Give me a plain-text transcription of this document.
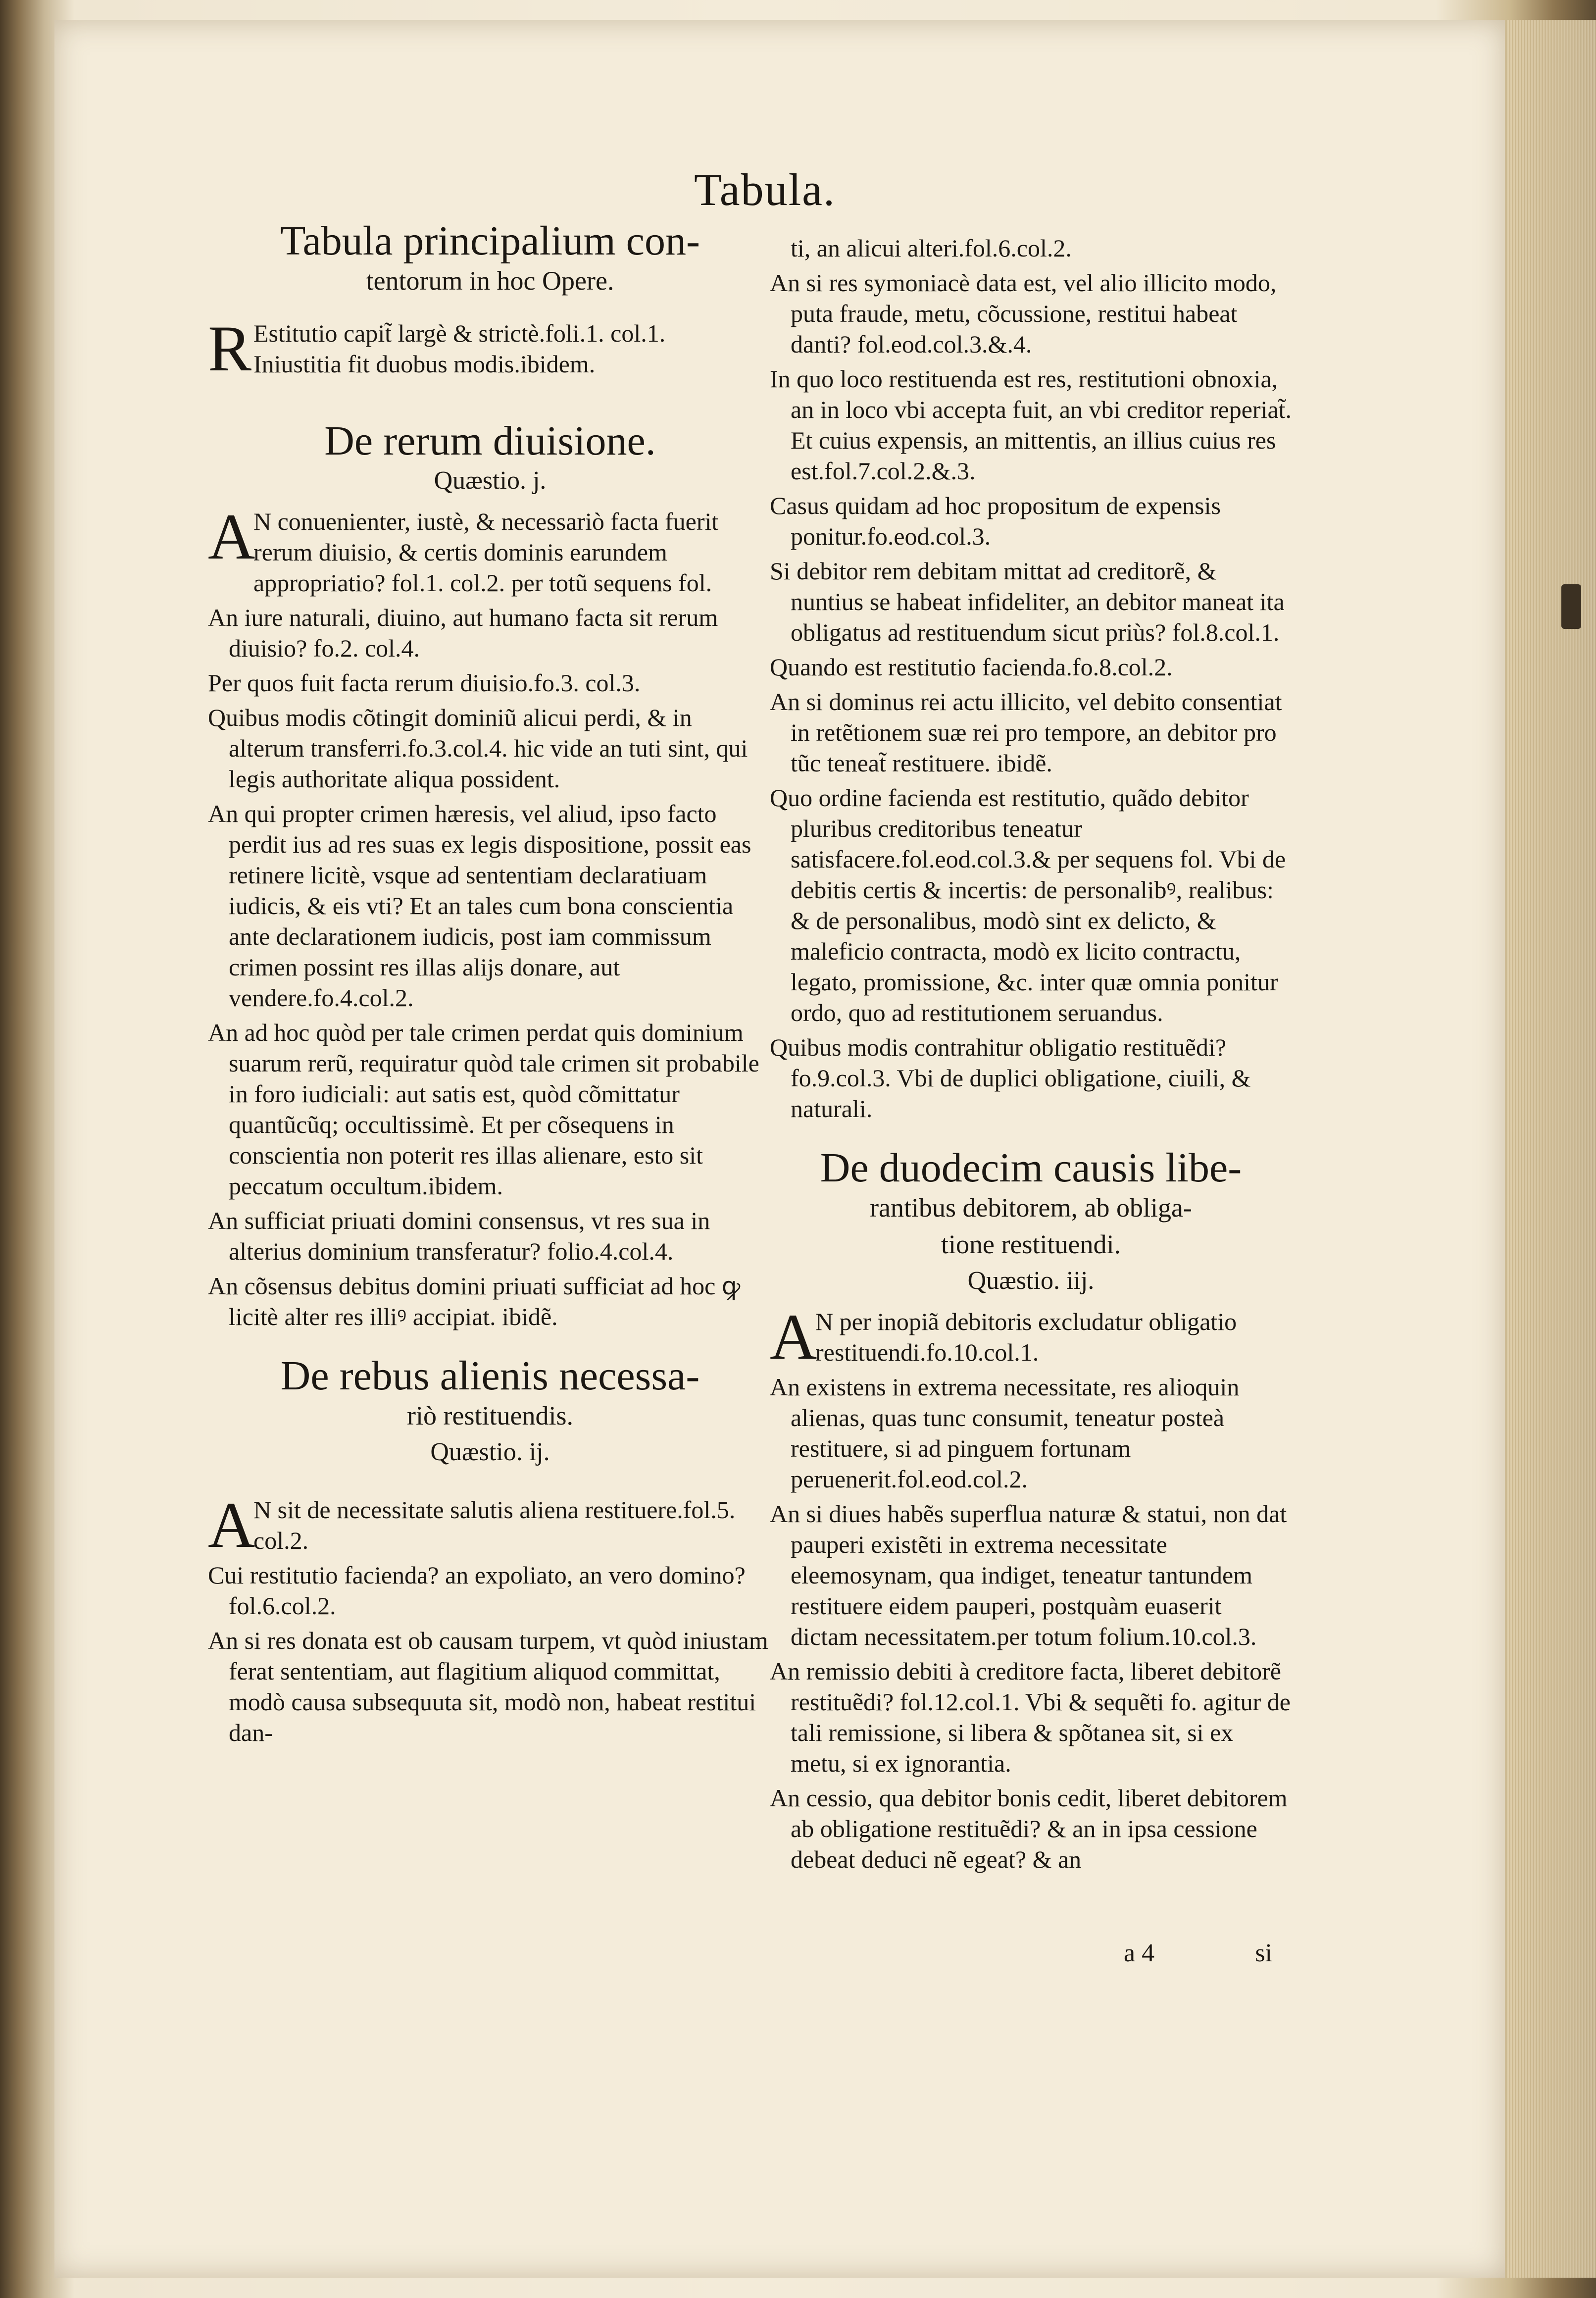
Tabula.

Tabula principalium con-

tentorum in hoc Opere.

R Estitutio capit̃ largè & strictè.foli.1. col.1.
Iniustitia fit duobus modis.ibidem.

De rerum diuisione.

Quæstio. j.

A
N conuenienter, iustè, & necessariò facta fuerit rerum diuisio, & certis dominis earundem appropriatio? fol.1. col.2. per totũ sequens fol.

An iure naturali, diuino, aut humano facta sit rerum diuisio? fo.2. col.4.

Per quos fuit facta rerum diuisio.fo.3. col.3.

Quibus modis cõtingit dominiũ alicui perdi, & in alterum transferri.fo.3.col.4. hic vide an tuti sint, qui legis authoritate aliqua possident.

An qui propter crimen hæresis, vel aliud, ipso facto perdit ius ad res suas ex legis dispositione, possit eas retinere licitè, vsque ad sententiam declaratiuam iudicis, & eis vti? Et an tales cum bona conscientia ante declarationem iudicis, post iam commissum crimen possint res illas alijs donare, aut vendere.fo.4.col.2.

An ad hoc quòd per tale crimen perdat quis dominium suarum rerũ, requiratur quòd tale crimen sit probabile in foro iudiciali: aut satis est, quòd cõmittatur quantũcũq; occultissimè. Et per cõsequens in conscientia non poterit res illas alienare, esto sit peccatum occultum.ibidem.

An sufficiat priuati domini consensus, vt res sua in alterius dominium transferatur? folio.4.col.4.

An cõsensus debitus domini priuati sufficiat ad hoc ꝙ licitè alter res illiꝰ accipiat. ibidẽ.

De rebus alienis necessa-

riò restituendis.

Quæstio. ij.

A
N sit de necessitate salutis aliena restituere.fol.5. col.2.

Cui restitutio facienda? an expoliato, an vero domino? fol.6.col.2.

An si res donata est ob causam turpem, vt quòd iniustam ferat sententiam, aut flagitium aliquod committat, modò causa subsequuta sit, modò non, habeat restitui dan-

ti, an alicui alteri.fol.6.col.2.

An si res symoniacè data est, vel alio illicito modo, puta fraude, metu, cõcussione, restitui habeat danti? fol.eod.col.3.&.4.

In quo loco restituenda est res, restitutioni obnoxia, an in loco vbi accepta fuit, an vbi creditor reperiat̃. Et cuius expensis, an mittentis, an illius cuius res est.fol.7.col.2.&.3.

Casus quidam ad hoc propositum de expensis ponitur.fo.eod.col.3.

Si debitor rem debitam mittat ad creditorẽ, & nuntius se habeat infideliter, an debitor maneat ita obligatus ad restituendum sicut priùs? fol.8.col.1.

Quando est restitutio facienda.fo.8.col.2.

An si dominus rei actu illicito, vel debito consentiat in retẽtionem suæ rei pro tempore, an debitor pro tũc teneat̃ restituere. ibidẽ.

Quo ordine facienda est restitutio, quãdo debitor pluribus creditoribus teneatur satisfacere.fol.eod.col.3.& per sequens fol. Vbi de debitis certis & incertis: de personalibꝰ, realibus: & de personalibus, modò sint ex delicto, & maleficio contracta, modò ex licito contractu, legato, promissione, &c. inter quæ omnia ponitur ordo, quo ad restitutionem seruandus.

Quibus modis contrahitur obligatio restituẽdi? fo.9.col.3. Vbi de duplici obligatione, ciuili, & naturali.

De duodecim causis libe-

rantibus debitorem, ab obliga-

tione restituendi.

Quæstio. iij.

A
N per inopiã debitoris excludatur obligatio restituendi.fo.10.col.1.

An existens in extrema necessitate, res alioquin alienas, quas tunc consumit, teneatur posteà restituere, si ad pinguem fortunam peruenerit.fol.eod.col.2.

An si diues habẽs superflua naturæ & statui, non dat pauperi existẽti in extrema necessitate eleemosynam, qua indiget, teneatur tantundem restituere eidem pauperi, postquàm euaserit dictam necessitatem.per totum folium.10.col.3.

An remissio debiti à creditore facta, liberet debitorẽ restituẽdi? fol.12.col.1. Vbi & sequẽti fo. agitur de tali remissione, si libera & spõtanea sit, si ex metu, si ex ignorantia.

An cessio, qua debitor bonis cedit, liberet debitorem ab obligatione restituẽdi? & an in ipsa cessione debeat deduci nẽ egeat? & an

a 4	si
